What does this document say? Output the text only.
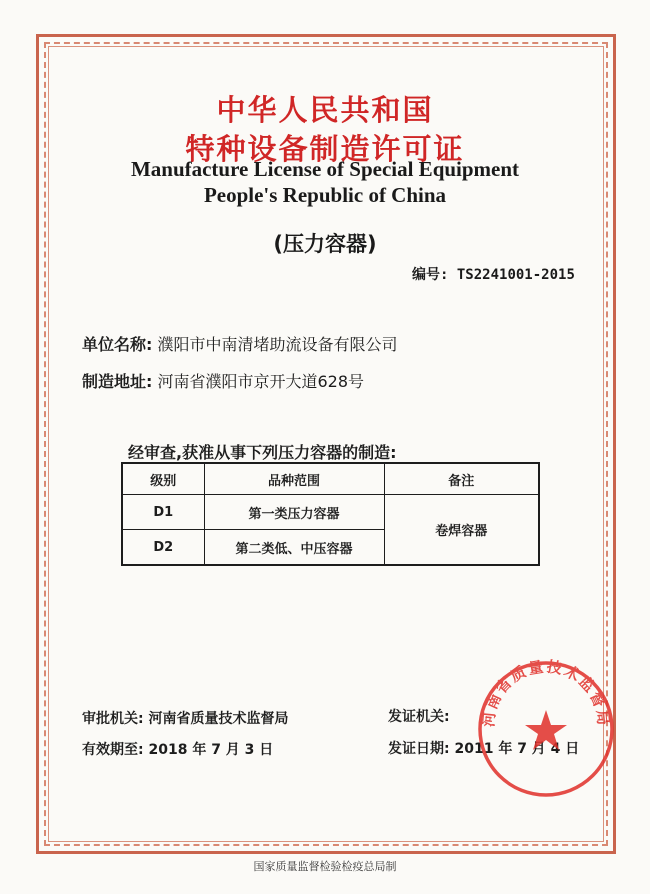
中华人民共和国
特种设备制造许可证
Manufacture License of Special Equipment
People's Republic of China
(压力容器)
编号: TS2241001-2015
单位名称: 濮阳市中南清堵助流设备有限公司
制造地址: 河南省濮阳市京开大道628号
经审查,获准从事下列压力容器的制造:
级别	品种范围	备注
D1	第一类压力容器	卷焊容器
D2	第二类低、中压容器	
审批机关: 河南省质量技术监督局
有效期至: 2018 年 7 月 3 日
发证机关:
发证日期: 2011 年 7 月 4 日
河南省质量技术监督局
国家质量监督检验检疫总局制
